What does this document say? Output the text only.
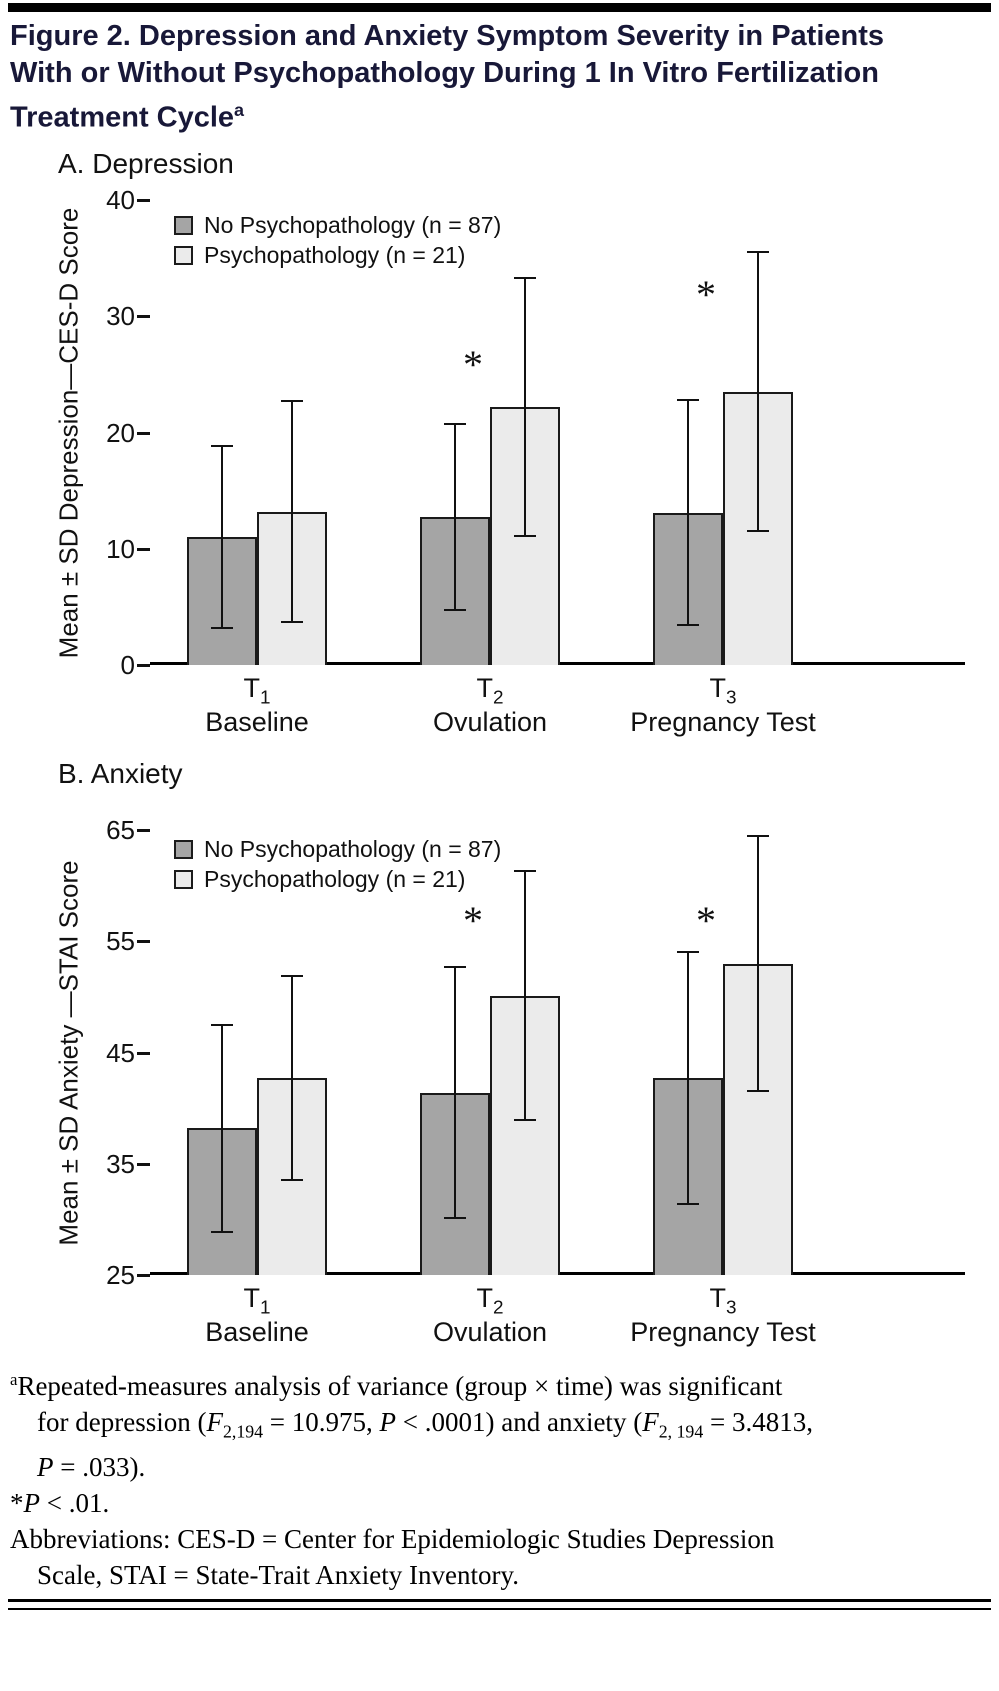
Figure 2. Depression and Anxiety Symptom Severity in Patients With or Without Psychopathology During 1 In Vitro Fertilization Treatment Cycle$^a$
A. Depression
Mean ± SD Depression—CES-D Score
40
30
20
10
0
*
*
No Psychopathology (n = 87)
Psychopathology (n = 21)
$T_1$
Baseline
$T_2$
Ovulation
$T_3$
Pregnancy Test
B. Anxiety
Mean ± SD Anxiety —STAI Score
65
55
45
35
25
*	*
No Psychopathology (n = 87)
Psychopathology (n = 21)
$T_1$
Baseline
$T_2$
Ovulation
$T_3$
Pregnancy Test
$^a$Repeated-measures analysis of variance (group × time) was significant
for depression ($F_{2,194} = 10.975$, P < .0001) and anxiety ($F_{2, 194} = 3.4813$,
P = .033).
*P < .01.
Abbreviations: CES-D = Center for Epidemiologic Studies Depression
Scale, STAI = State-Trait Anxiety Inventory.
